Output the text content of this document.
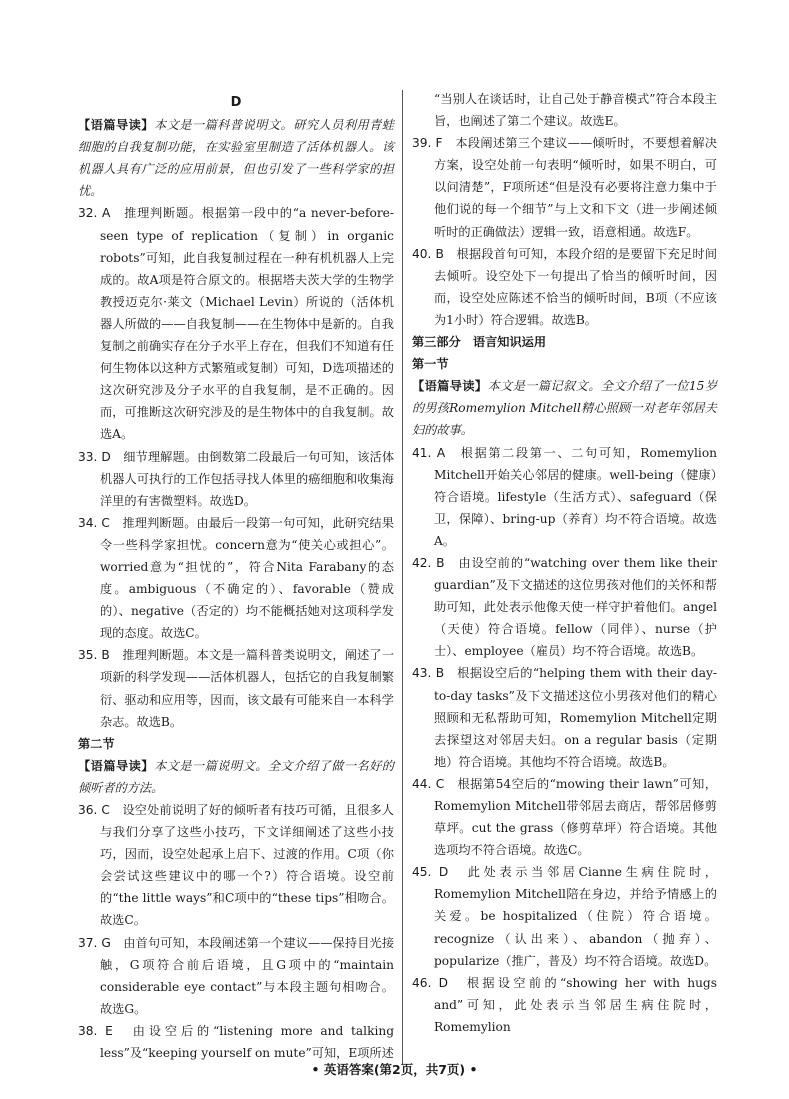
D

【语篇导读】本文是一篇科普说明文。研究人员利用青蛙细胞的自我复制功能，在实验室里制造了活体机器人。该机器人具有广泛的应用前景，但也引发了一些科学家的担忧。

32. A　 推理判断题。根据第一段中的“a never-before-seen type of replication（复制）in organic robots”可知，此自我复制过程在一种有机机器人上完成的。故A项是符合原文的。根据塔夫茨大学的生物学教授迈克尔·莱文（Michael Levin）所说的（活体机器人所做的——自我复制——在生物体中是新的。自我复制之前确实存在分子水平上存在，但我们不知道有任何生物体以这种方式繁殖或复制）可知，D选项描述的这次研究涉及分子水平的自我复制，是不正确的。因而，可推断这次研究涉及的是生物体中的自我复制。故选A。

33. D　 细节理解题。由倒数第二段最后一句可知，该活体机器人可执行的工作包括寻找人体里的癌细胞和收集海洋里的有害微塑料。故选D。

34. C　 推理判断题。由最后一段第一句可知，此研究结果令一些科学家担忧。concern意为“使关心或担心”。worried意为“担忧的”，符合Nita Farabany的态度。ambiguous（不确定的）、favorable（赞成的）、negative（否定的）均不能概括她对这项科学发现的态度。故选C。

35. B　 推理判断题。本文是一篇科普类说明文，阐述了一项新的科学发现——活体机器人，包括它的自我复制繁衍、驱动和应用等，因而，该文最有可能来自一本科学杂志。故选B。

第二节

【语篇导读】本文是一篇说明文。全文介绍了做一名好的倾听者的方法。

36. C　 设空处前说明了好的倾听者有技巧可循，且很多人与我们分享了这些小技巧，下文详细阐述了这些小技巧，因而，设空处起承上启下、过渡的作用。C项（你会尝试这些建议中的哪一个?）符合语境。设空前的“the little ways”和C项中的“these tips”相吻合。故选C。

37. G　 由首句可知，本段阐述第一个建议——保持目光接触，G项符合前后语境，且G项中的“maintain considerable eye contact”与本段主题句相吻合。故选G。

38. E　 由设空后的“listening more and talking less”及“keeping yourself on mute”可知，E项所述

“当别人在谈话时，让自己处于静音模式”符合本段主旨，也阐述了第二个建议。故选E。

39. F　 本段阐述第三个建议——倾听时，不要想着解决方案，设空处前一句表明“倾听时，如果不明白，可以问清楚”，F项所述“但是没有必要将注意力集中于他们说的每一个细节”与上文和下文（进一步阐述倾听时的正确做法）逻辑一致，语意相通。故选F。

40. B　 根据段首句可知，本段介绍的是要留下充足时间去倾听。设空处下一句提出了恰当的倾听时间，因而，设空处应陈述不恰当的倾听时间，B项（不应该为1小时）符合逻辑。故选B。

第三部分　语言知识运用

第一节

【语篇导读】本文是一篇记叙文。全文介绍了一位15岁的男孩Romemylion Mitchell精心照顾一对老年邻居夫妇的故事。

41. A　 根据第二段第一、二句可知，Romemylion Mitchell开始关心邻居的健康。well-being（健康）符合语境。lifestyle（生活方式）、safeguard（保卫，保障）、bring-up（养育）均不符合语境。故选A。

42. B　 由设空前的“watching over them like their guardian”及下文描述的这位男孩对他们的关怀和帮助可知，此处表示他像天使一样守护着他们。angel（天使）符合语境。fellow（同伴）、nurse（护士）、employee（雇员）均不符合语境。故选B。

43. B　 根据设空后的“helping them with their day-to-day tasks”及下文描述这位小男孩对他们的精心照顾和无私帮助可知，Romemylion Mitchell定期去探望这对邻居夫妇。on a regular basis（定期地）符合语境。其他均不符合语境。故选B。

44. C　 根据第54空后的“mowing their lawn”可知，Romemylion Mitchell带邻居去商店，帮邻居修剪草坪。cut the grass（修剪草坪）符合语境。其他选项均不符合语境。故选C。

45. D　 此处表示当邻居Cianne生病住院时，Romemylion Mitchell陪在身边，并给予情感上的关爱。be hospitalized（住院）符合语境。recognize（认出来）、abandon（抛弃）、popularize（推广，普及）均不符合语境。故选D。

46. D　 根据设空前的“showing her with hugs and”可知，此处表示当邻居生病住院时，Romemylion

• 英语答案(第2页，共7页) •
